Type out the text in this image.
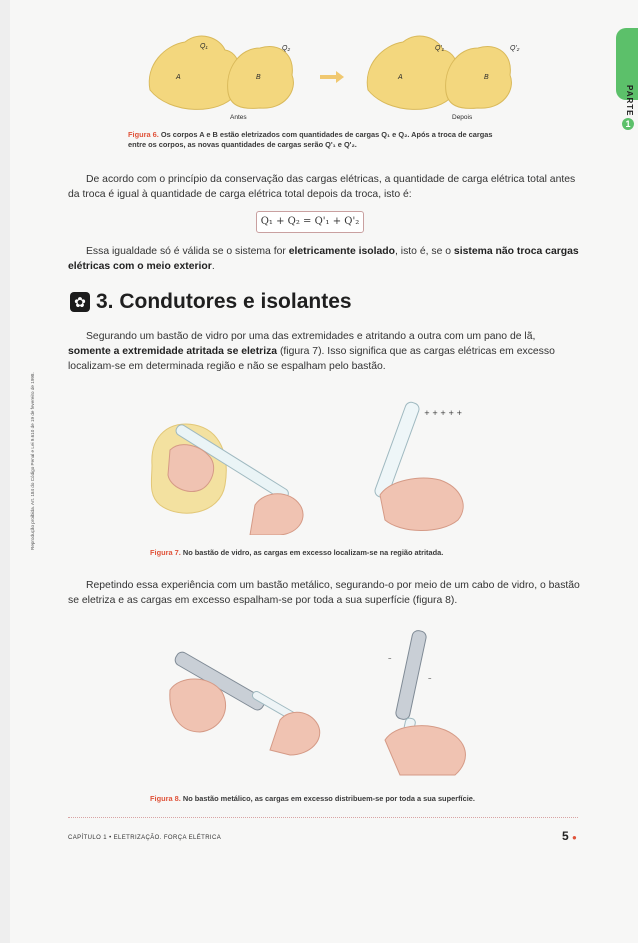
PARTE
1
Q₁	Q₂	Q'₁	Q'₂
A	B	A	B
Antes	Depois
Figura 6. Os corpos A e B estão eletrizados com quantidades de cargas Q₁ e Q₂. Após a troca de cargas entre os corpos, as novas quantidades de cargas serão Q'₁ e Q'₂.
De acordo com o princípio da conservação das cargas elétricas, a quantidade de carga elétrica total antes da troca é igual à quantidade de carga elétrica total depois da troca, isto é:
Q₁ + Q₂ = Q'₁ + Q'₂
Essa igualdade só é válida se o sistema for eletricamente isolado, isto é, se o sistema não troca cargas elétricas com o meio exterior.
✿ 3. Condutores e isolantes
Reprodução proibida. Art. 184 do Código Penal e Lei 9.610 de 19 de fevereiro de 1998.
Segurando um bastão de vidro por uma das extremidades e atritando a outra com um pano de lã, somente a extremidade atritada se eletriza (figura 7). Isso significa que as cargas elétricas em excesso localizam-se em determinada região e não se espalham pelo bastão.
+ + + + +
Figura 7. No bastão de vidro, as cargas em excesso localizam-se na região atritada.
Repetindo essa experiência com um bastão metálico, segurando-o por meio de um cabo de vidro, o bastão se eletriza e as cargas em excesso espalham-se por toda a sua superfície (figura 8).
–
–
Figura 8. No bastão metálico, as cargas em excesso distribuem-se por toda a sua superfície.
CAPÍTULO 1 • ELETRIZAÇÃO. FORÇA ELÉTRICA	5 ●
